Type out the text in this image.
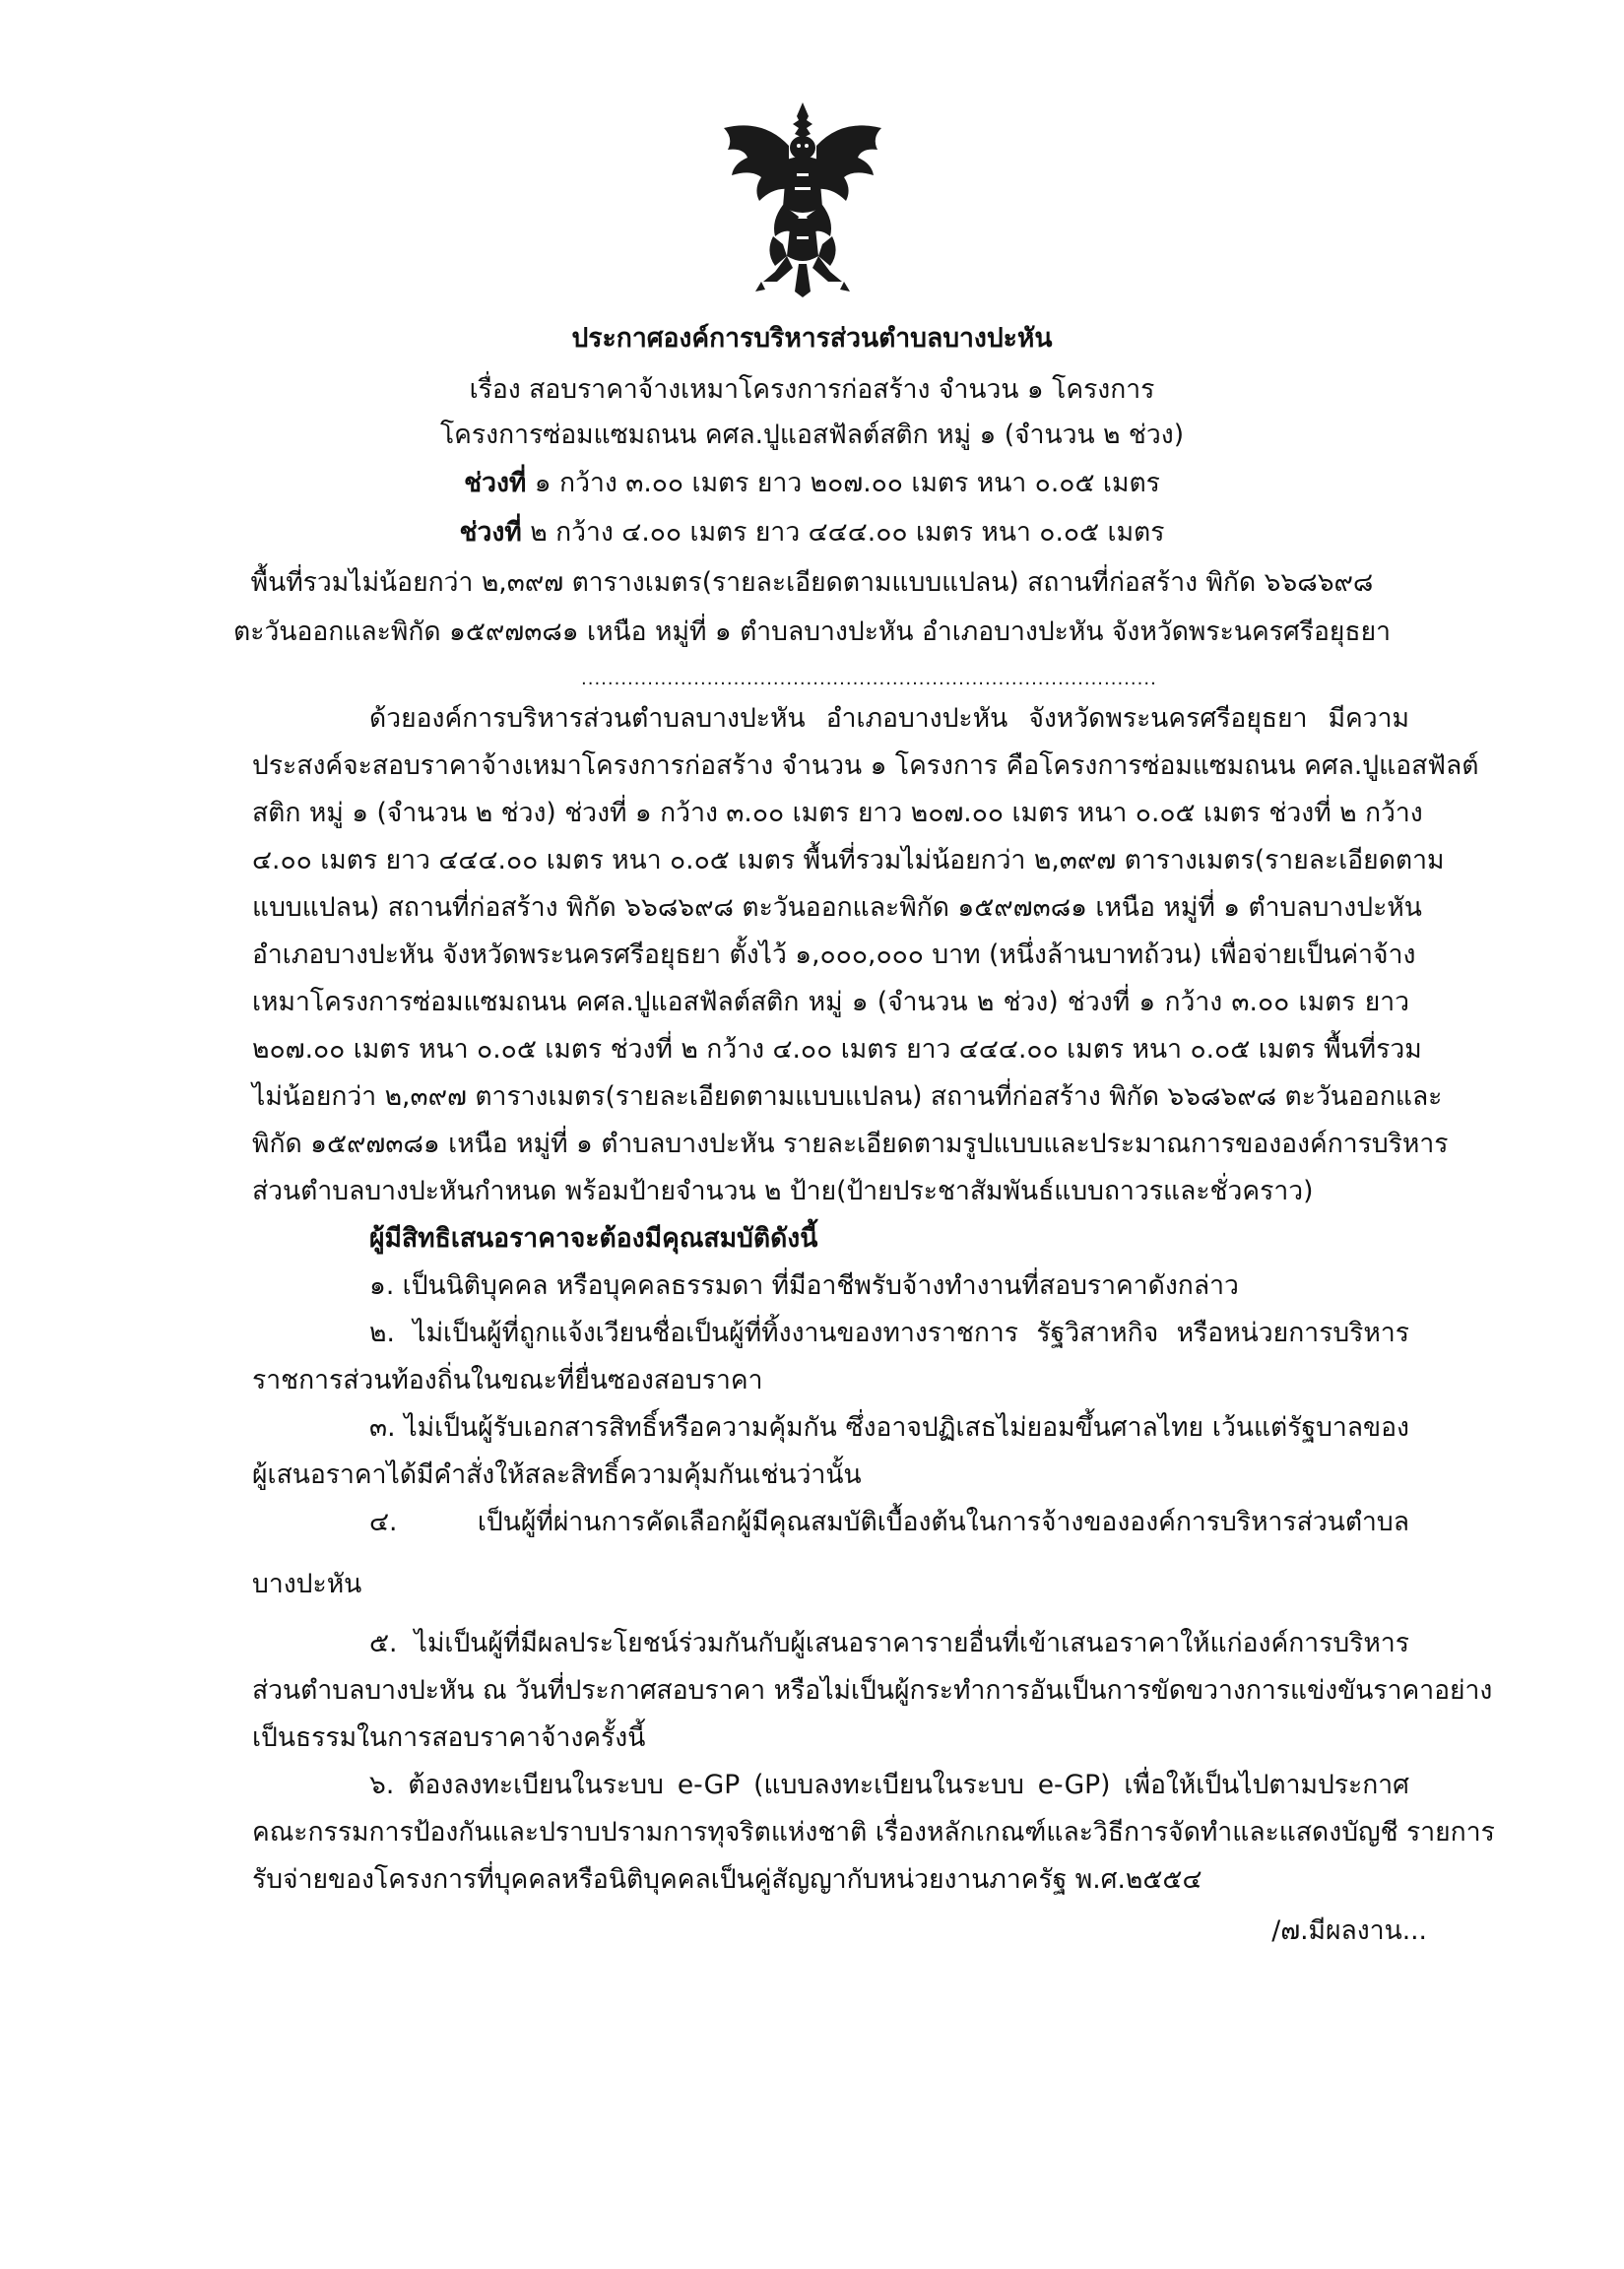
ประกาศองค์การบริหารส่วนตำบลบางปะหัน
เรื่อง สอบราคาจ้างเหมาโครงการก่อสร้าง จำนวน ๑ โครงการ
โครงการซ่อมแซมถนน คศล.ปูแอสฟัลต์สติก หมู่ ๑ (จำนวน ๒ ช่วง)
ช่วงที่ ๑ กว้าง ๓.๐๐ เมตร ยาว ๒๐๗.๐๐ เมตร หนา ๐.๐๕ เมตร
ช่วงที่ ๒ กว้าง ๔.๐๐ เมตร ยาว ๔๔๔.๐๐ เมตร หนา ๐.๐๕ เมตร
พื้นที่รวมไม่น้อยกว่า ๒,๓๙๗ ตารางเมตร(รายละเอียดตามแบบแปลน) สถานที่ก่อสร้าง พิกัด ๖๖๘๖๙๘
ตะวันออกและพิกัด ๑๕๙๗๓๘๑ เหนือ หมู่ที่ ๑ ตำบลบางปะหัน อำเภอบางปะหัน จังหวัดพระนครศรีอยุธยา
.......................................................................................
ด้วยองค์การบริหารส่วนตำบลบางปะหัน อำเภอบางปะหัน จังหวัดพระนครศรีอยุธยา มีความ
ประสงค์จะสอบราคาจ้างเหมาโครงการก่อสร้าง จำนวน ๑ โครงการ คือโครงการซ่อมแซมถนน คศล.ปูแอสฟัลต์
สติก หมู่ ๑ (จำนวน ๒ ช่วง) ช่วงที่ ๑ กว้าง ๓.๐๐ เมตร ยาว ๒๐๗.๐๐ เมตร หนา ๐.๐๕ เมตร ช่วงที่ ๒ กว้าง
๔.๐๐ เมตร ยาว ๔๔๔.๐๐ เมตร หนา ๐.๐๕ เมตร พื้นที่รวมไม่น้อยกว่า ๒,๓๙๗ ตารางเมตร(รายละเอียดตาม
แบบแปลน) สถานที่ก่อสร้าง พิกัด ๖๖๘๖๙๘ ตะวันออกและพิกัด ๑๕๙๗๓๘๑ เหนือ หมู่ที่ ๑ ตำบลบางปะหัน
อำเภอบางปะหัน จังหวัดพระนครศรีอยุธยา ตั้งไว้ ๑,๐๐๐,๐๐๐ บาท (หนึ่งล้านบาทถ้วน) เพื่อจ่ายเป็นค่าจ้าง
เหมาโครงการซ่อมแซมถนน คศล.ปูแอสฟัลต์สติก หมู่ ๑ (จำนวน ๒ ช่วง) ช่วงที่ ๑ กว้าง ๓.๐๐ เมตร ยาว
๒๐๗.๐๐ เมตร หนา ๐.๐๕ เมตร ช่วงที่ ๒ กว้าง ๔.๐๐ เมตร ยาว ๔๔๔.๐๐ เมตร หนา ๐.๐๕ เมตร พื้นที่รวม
ไม่น้อยกว่า ๒,๓๙๗ ตารางเมตร(รายละเอียดตามแบบแปลน) สถานที่ก่อสร้าง พิกัด ๖๖๘๖๙๘ ตะวันออกและ
พิกัด ๑๕๙๗๓๘๑ เหนือ หมู่ที่ ๑ ตำบลบางปะหัน รายละเอียดตามรูปแบบและประมาณการขององค์การบริหาร
ส่วนตำบลบางปะหันกำหนด พร้อมป้ายจำนวน ๒ ป้าย(ป้ายประชาสัมพันธ์แบบถาวรและชั่วคราว)
ผู้มีสิทธิเสนอราคาจะต้องมีคุณสมบัติดังนี้
๑. เป็นนิติบุคคล หรือบุคคลธรรมดา ที่มีอาชีพรับจ้างทำงานที่สอบราคาดังกล่าว
๒. ไม่เป็นผู้ที่ถูกแจ้งเวียนชื่อเป็นผู้ที่ทิ้งงานของทางราชการ รัฐวิสาหกิจ หรือหน่วยการบริหาร
ราชการส่วนท้องถิ่นในขณะที่ยื่นซองสอบราคา
๓. ไม่เป็นผู้รับเอกสารสิทธิ์หรือความคุ้มกัน ซึ่งอาจปฏิเสธไม่ยอมขึ้นศาลไทย เว้นแต่รัฐบาลของ
ผู้เสนอราคาได้มีคำสั่งให้สละสิทธิ์ความคุ้มกันเช่นว่านั้น
๔. เป็นผู้ที่ผ่านการคัดเลือกผู้มีคุณสมบัติเบื้องต้นในการจ้างขององค์การบริหารส่วนตำบล
บางปะหัน
๕. ไม่เป็นผู้ที่มีผลประโยชน์ร่วมกันกับผู้เสนอราคารายอื่นที่เข้าเสนอราคาให้แก่องค์การบริหาร
ส่วนตำบลบางปะหัน ณ วันที่ประกาศสอบราคา หรือไม่เป็นผู้กระทำการอันเป็นการขัดขวางการแข่งขันราคาอย่าง
เป็นธรรมในการสอบราคาจ้างครั้งนี้
๖. ต้องลงทะเบียนในระบบ e-GP (แบบลงทะเบียนในระบบ e-GP) เพื่อให้เป็นไปตามประกาศ
คณะกรรมการป้องกันและปราบปรามการทุจริตแห่งชาติ เรื่องหลักเกณฑ์และวิธีการจัดทำและแสดงบัญชี รายการ
รับจ่ายของโครงการที่บุคคลหรือนิติบุคคลเป็นคู่สัญญากับหน่วยงานภาครัฐ พ.ศ.๒๕๕๔
/๗.มีผลงาน...
